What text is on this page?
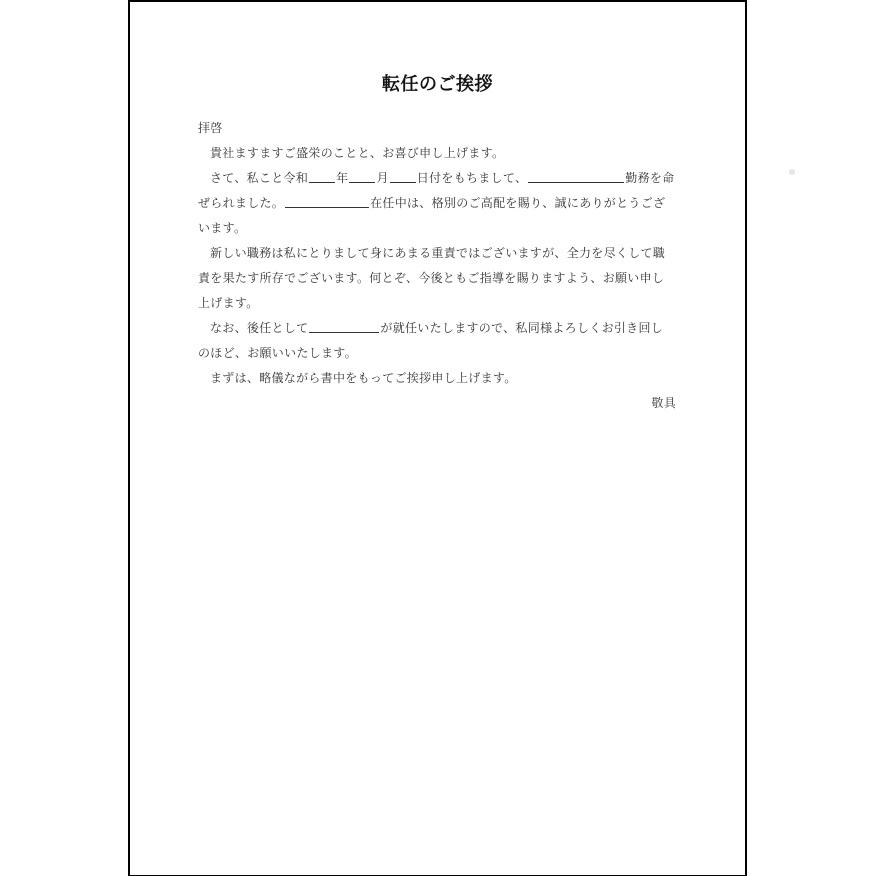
転任のご挨拶
拝啓
貴社ますますご盛栄のことと、お喜び申し上げます。
さて、私こと令和 年 月 日付をもちまして、	勤務を命
ぜられました。	在任中は、格別のご高配を賜り、誠にありがとうござ
います。
新しい職務は私にとりまして身にあまる重責ではございますが、全力を尽くして職
責を果たす所存でございます。何とぞ、今後ともご指導を賜りますよう、お願い申し
上げます。
なお、後任として	が就任いたしますので、私同様よろしくお引き回し
のほど、お願いいたします。
まずは、略儀ながら書中をもってご挨拶申し上げます。
敬具
